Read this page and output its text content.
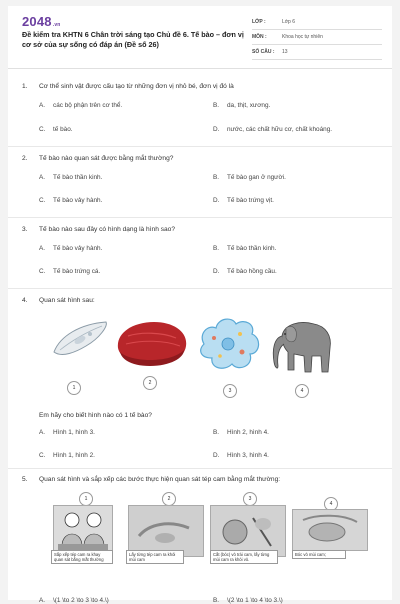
2048.vn
Đề kiểm tra KHTN 6 Chân trời sáng tạo Chủ đề 6. Tế bào – đơn vị cơ sở của sự sống có đáp án (Đề số 26)
LỚP :	Lớp 6
MÔN :	Khoa học tự nhiên
SỐ CÂU :	13
1. Cơ thể sinh vật được cấu tạo từ những đơn vị nhỏ bé, đơn vị đó là
A. các bộ phận trên cơ thể.	B. da, thịt, xương.
C. tế bào.	D. nước, các chất hữu cơ, chất khoáng.
2. Tế bào nào quan sát được bằng mắt thường?
A. Tế bào thần kinh.	B. Tế bào gan ở người.
C. Tế bào vảy hành.	D. Tế bào trứng vịt.
3. Tế bào nào sau đây có hình dạng là hình sao?
A. Tế bào vảy hành.	B. Tế bào thần kinh.
C. Tế bào trứng cá.	D. Tế bào hồng cầu.
4. Quan sát hình sau:
1
2
3	4
Em hãy cho biết hình nào có 1 tế bào?
A. Hình 1, hình 3.	B. Hình 2, hình 4.
C. Hình 1, hình 2.	D. Hình 3, hình 4.
5. Quan sát hình và sắp xếp các bước thực hiện quan sát tép cam bằng mắt thường:
1
Sắp xếp tép cam ra khay quan sát bằng mắt thường
2
Lấy từng tép cam ra khỏi múi cam
3
Cắt (bóc) vỏ trái cam, lấy từng múi cam ra khỏi vỏ.
4
Bóc vỏ múi cam;
A. \(1 \to 2 \to 3 \to 4.\)	B. \(2 \to 1 \to 4 \to 3.\)
